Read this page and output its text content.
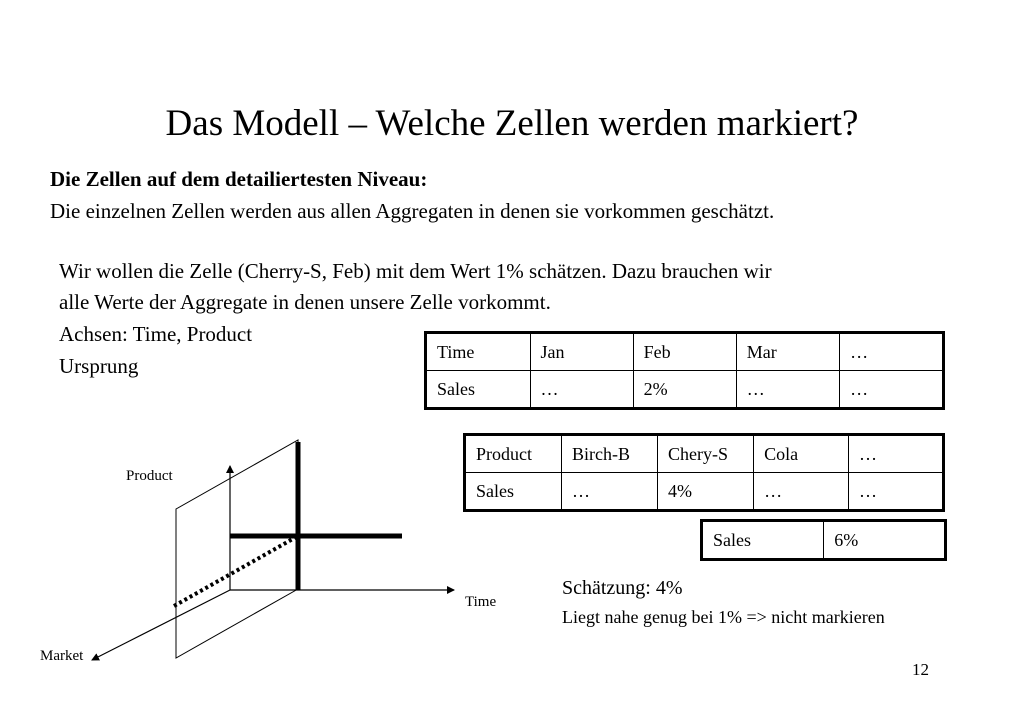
Das Modell – Welche Zellen werden markiert?
Die Zellen auf dem detailiertesten Niveau:
Die einzelnen Zellen werden aus allen Aggregaten in denen sie vorkommen geschätzt.
Wir wollen die Zelle (Cherry-S, Feb) mit dem Wert 1% schätzen. Dazu brauchen wir
alle Werte der Aggregate in denen unsere Zelle vorkommt.
Achsen: Time, Product
Ursprung
Time	Jan	Feb	Mar	…
Sales	…	2%	…	…
Product	Birch-B	Chery-S	Cola	…
Sales	…	4%	…	…
Sales	6%
Schätzung: 4%
Liegt nahe genug bei 1% => nicht markieren
12
Product
Time
Market
